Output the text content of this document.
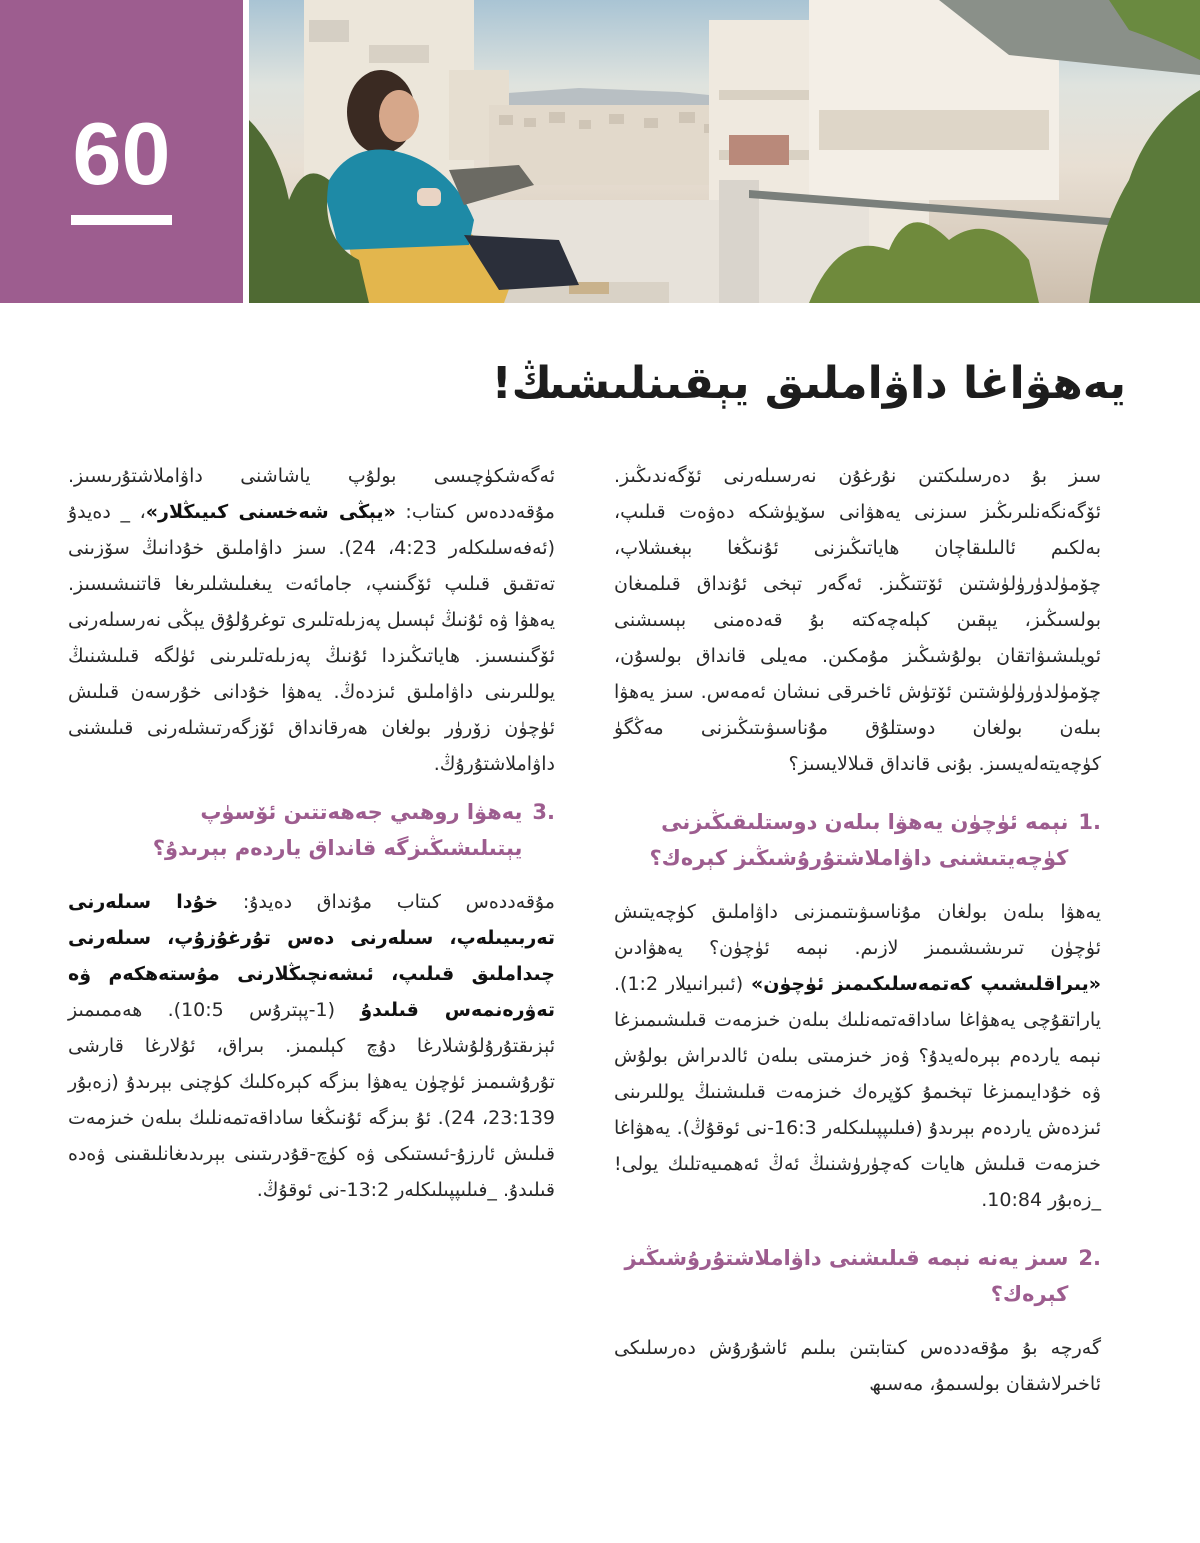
60
يەھۋاغا داۋاملىق يېقىنلىشىڭ!

سىز بۇ دەرسلىكتىن نۇرغۇن نەرسىلەرنى ئۆگەندىڭىز. ئۆگەنگەنلىرىڭىز سىزنى يەھۋانى سۆيۈشكە دەۋەت قىلىپ، بەلكىم ئالىلىقاچان ھاياتىڭىزنى ئۇنىڭغا بېغىشلاپ، چۆمۈلدۈرۈلۈشتىن ئۆتتىڭىز. ئەگەر تېخى ئۇنداق قىلمىغان بولسىڭىز، يېقىن كېلەچەكتە بۇ قەدەمنى بېسىشنى ئويلىشىۋاتقان بولۇشىڭىز مۇمكىن. مەيلى قانداق بولسۇن، چۆمۈلدۈرۈلۈشتىن ئۆتۈش ئاخىرقى نىشان ئەمەس. سىز يەھۋا بىلەن بولغان دوستلۇق مۇناسىۋىتىڭىزنى مەڭگۈ كۈچەيتەلەيسىز. بۇنى قانداق قىلالايسىز؟

1.
نېمە ئۈچۈن يەھۋا بىلەن دوستلىقىڭىزنى كۈچەيتىشنى داۋاملاشتۇرۇشىڭىز كېرەك؟

يەھۋا بىلەن بولغان مۇناسىۋىتىمىزنى داۋاملىق كۈچەيتىش ئۈچۈن تىرىشىشىمىز لازىم. نېمە ئۈچۈن؟ يەھۋادىن «يىراقلىشىپ كەتمەسلىكىمىز ئۈچۈن» (ئىبرانىيلار 1:2). ياراتقۇچى يەھۋاغا ساداقەتمەنلىك بىلەن خىزمەت قىلىشىمىزغا نېمە ياردەم بېرەلەيدۇ؟ ۋەز خىزمىتى بىلەن ئالدىراش بولۇش ۋە خۇدايىمىزغا تېخىمۇ كۆپرەك خىزمەت قىلىشنىڭ يوللىرىنى ئىزدەش ياردەم بېرىدۇ (فىلىپپىلىكلەر 16:3-نى ئوقۇڭ). يەھۋاغا خىزمەت قىلىش ھايات كەچۈرۈشنىڭ ئەڭ ئەھمىيەتلىك يولى! _زەبۇر 10:84.

2.
سىز يەنە نېمە قىلىشنى داۋاملاشتۇرۇشىڭىز كېرەك؟

گەرچە بۇ مۇقەددەس كىتابتىن بىلىم ئاشۇرۇش دەرسلىكى ئاخىرلاشقان بولسىمۇ، مەسىھ

ئەگەشكۈچىسى بولۇپ ياشاشنى داۋاملاشتۇرىسىز. مۇقەددەس كىتاب: «يېڭى شەخسنى كىيىڭلار»، _ دەيدۇ (ئەفەسلىكلەر 4:23، 24). سىز داۋاملىق خۇدانىڭ سۆزىنى تەتقىق قىلىپ ئۆگىنىپ، جامائەت يىغىلىشلىرىغا قاتنىشىسىز. يەھۋا ۋە ئۇنىڭ ئېسىل پەزىلەتلىرى توغرۇلۇق يېڭى نەرسىلەرنى ئۆگىنىسىز. ھاياتىڭىزدا ئۇنىڭ پەزىلەتلىرىنى ئۈلگە قىلىشنىڭ يوللىرىنى داۋاملىق ئىزدەڭ. يەھۋا خۇدانى خۇرسەن قىلىش ئۈچۈن زۆرۈر بولغان ھەرقانداق ئۆزگەرتىشلەرنى قىلىشنى داۋاملاشتۇرۇڭ.

3.
يەھۋا روھىي جەھەتتىن ئۆسۈپ يېتىلىشىڭىزگە قانداق ياردەم بېرىدۇ؟

مۇقەددەس كىتاب مۇنداق دەيدۇ: خۇدا سىلەرنى تەربىيىلەپ، سىلەرنى دەس تۇرغۇزۇپ، سىلەرنى چىداملىق قىلىپ، ئىشەنچىڭلارنى مۇستەھكەم ۋە تەۋرەنمەس قىلىدۇ (1-پېترۇس 10:5). ھەممىمىز ئېزىقتۇرۇلۇشلارغا دۇچ كېلىمىز. بىراق، ئۇلارغا قارشى تۇرۇشىمىز ئۈچۈن يەھۋا بىزگە كېرەكلىك كۈچنى بېرىدۇ (زەبۇر 23:139، 24). ئۇ بىزگە ئۇنىڭغا ساداقەتمەنلىك بىلەن خىزمەت قىلىش ئارزۇ-ئىستىكى ۋە كۈچ-قۇدرىتىنى بېرىدىغانلىقىنى ۋەدە قىلىدۇ. _فىلىپپىلىكلەر 13:2-نى ئوقۇڭ.
